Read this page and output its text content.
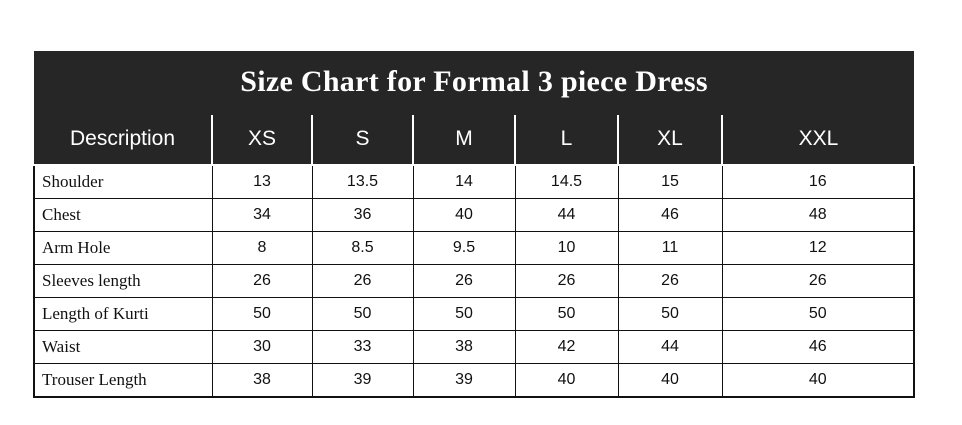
Size Chart for Formal 3 piece Dress						
Description	XS	S	M	L	XL	XXL
Shoulder	13	13.5	14	14.5	15	16
Chest	34	36	40	44	46	48
Arm Hole	8	8.5	9.5	10	11	12
Sleeves length	26	26	26	26	26	26
Length of Kurti	50	50	50	50	50	50
Waist	30	33	38	42	44	46
Trouser Length	38	39	39	40	40	40
